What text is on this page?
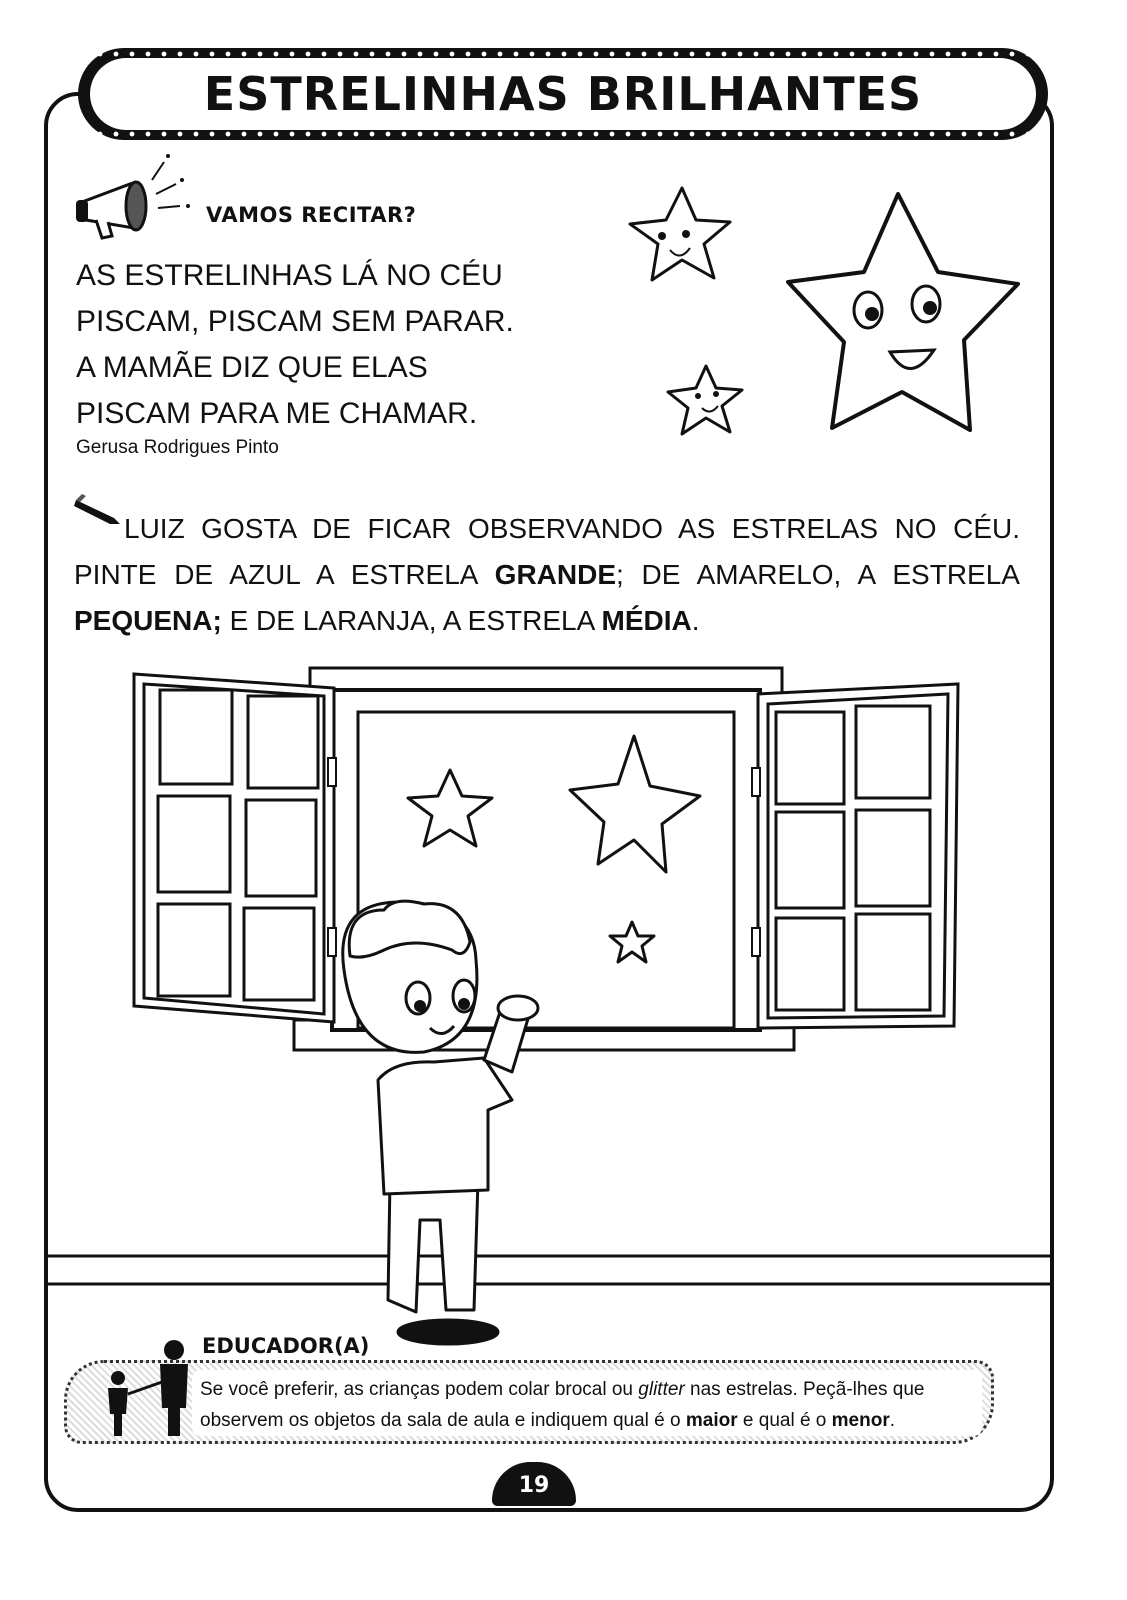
ESTRELINHAS BRILHANTES
VAMOS RECITAR?
AS ESTRELINHAS LÁ NO CÉU
PISCAM, PISCAM SEM PARAR.
A MAMÃE DIZ QUE ELAS
PISCAM PARA ME CHAMAR.
Gerusa Rodrigues Pinto
LUIZ GOSTA DE FICAR OBSERVANDO AS ESTRELAS NO CÉU. PINTE DE AZUL A ESTRELA GRANDE; DE AMARELO, A ESTRELA PEQUENA; E DE LARANJA, A ESTRELA MÉDIA.
EDUCADOR(A)
Se você preferir, as crianças podem colar brocal ou glitter nas estrelas. Peçã-lhes que observem os objetos da sala de aula e indiquem qual é o maior e qual é o menor.
19
